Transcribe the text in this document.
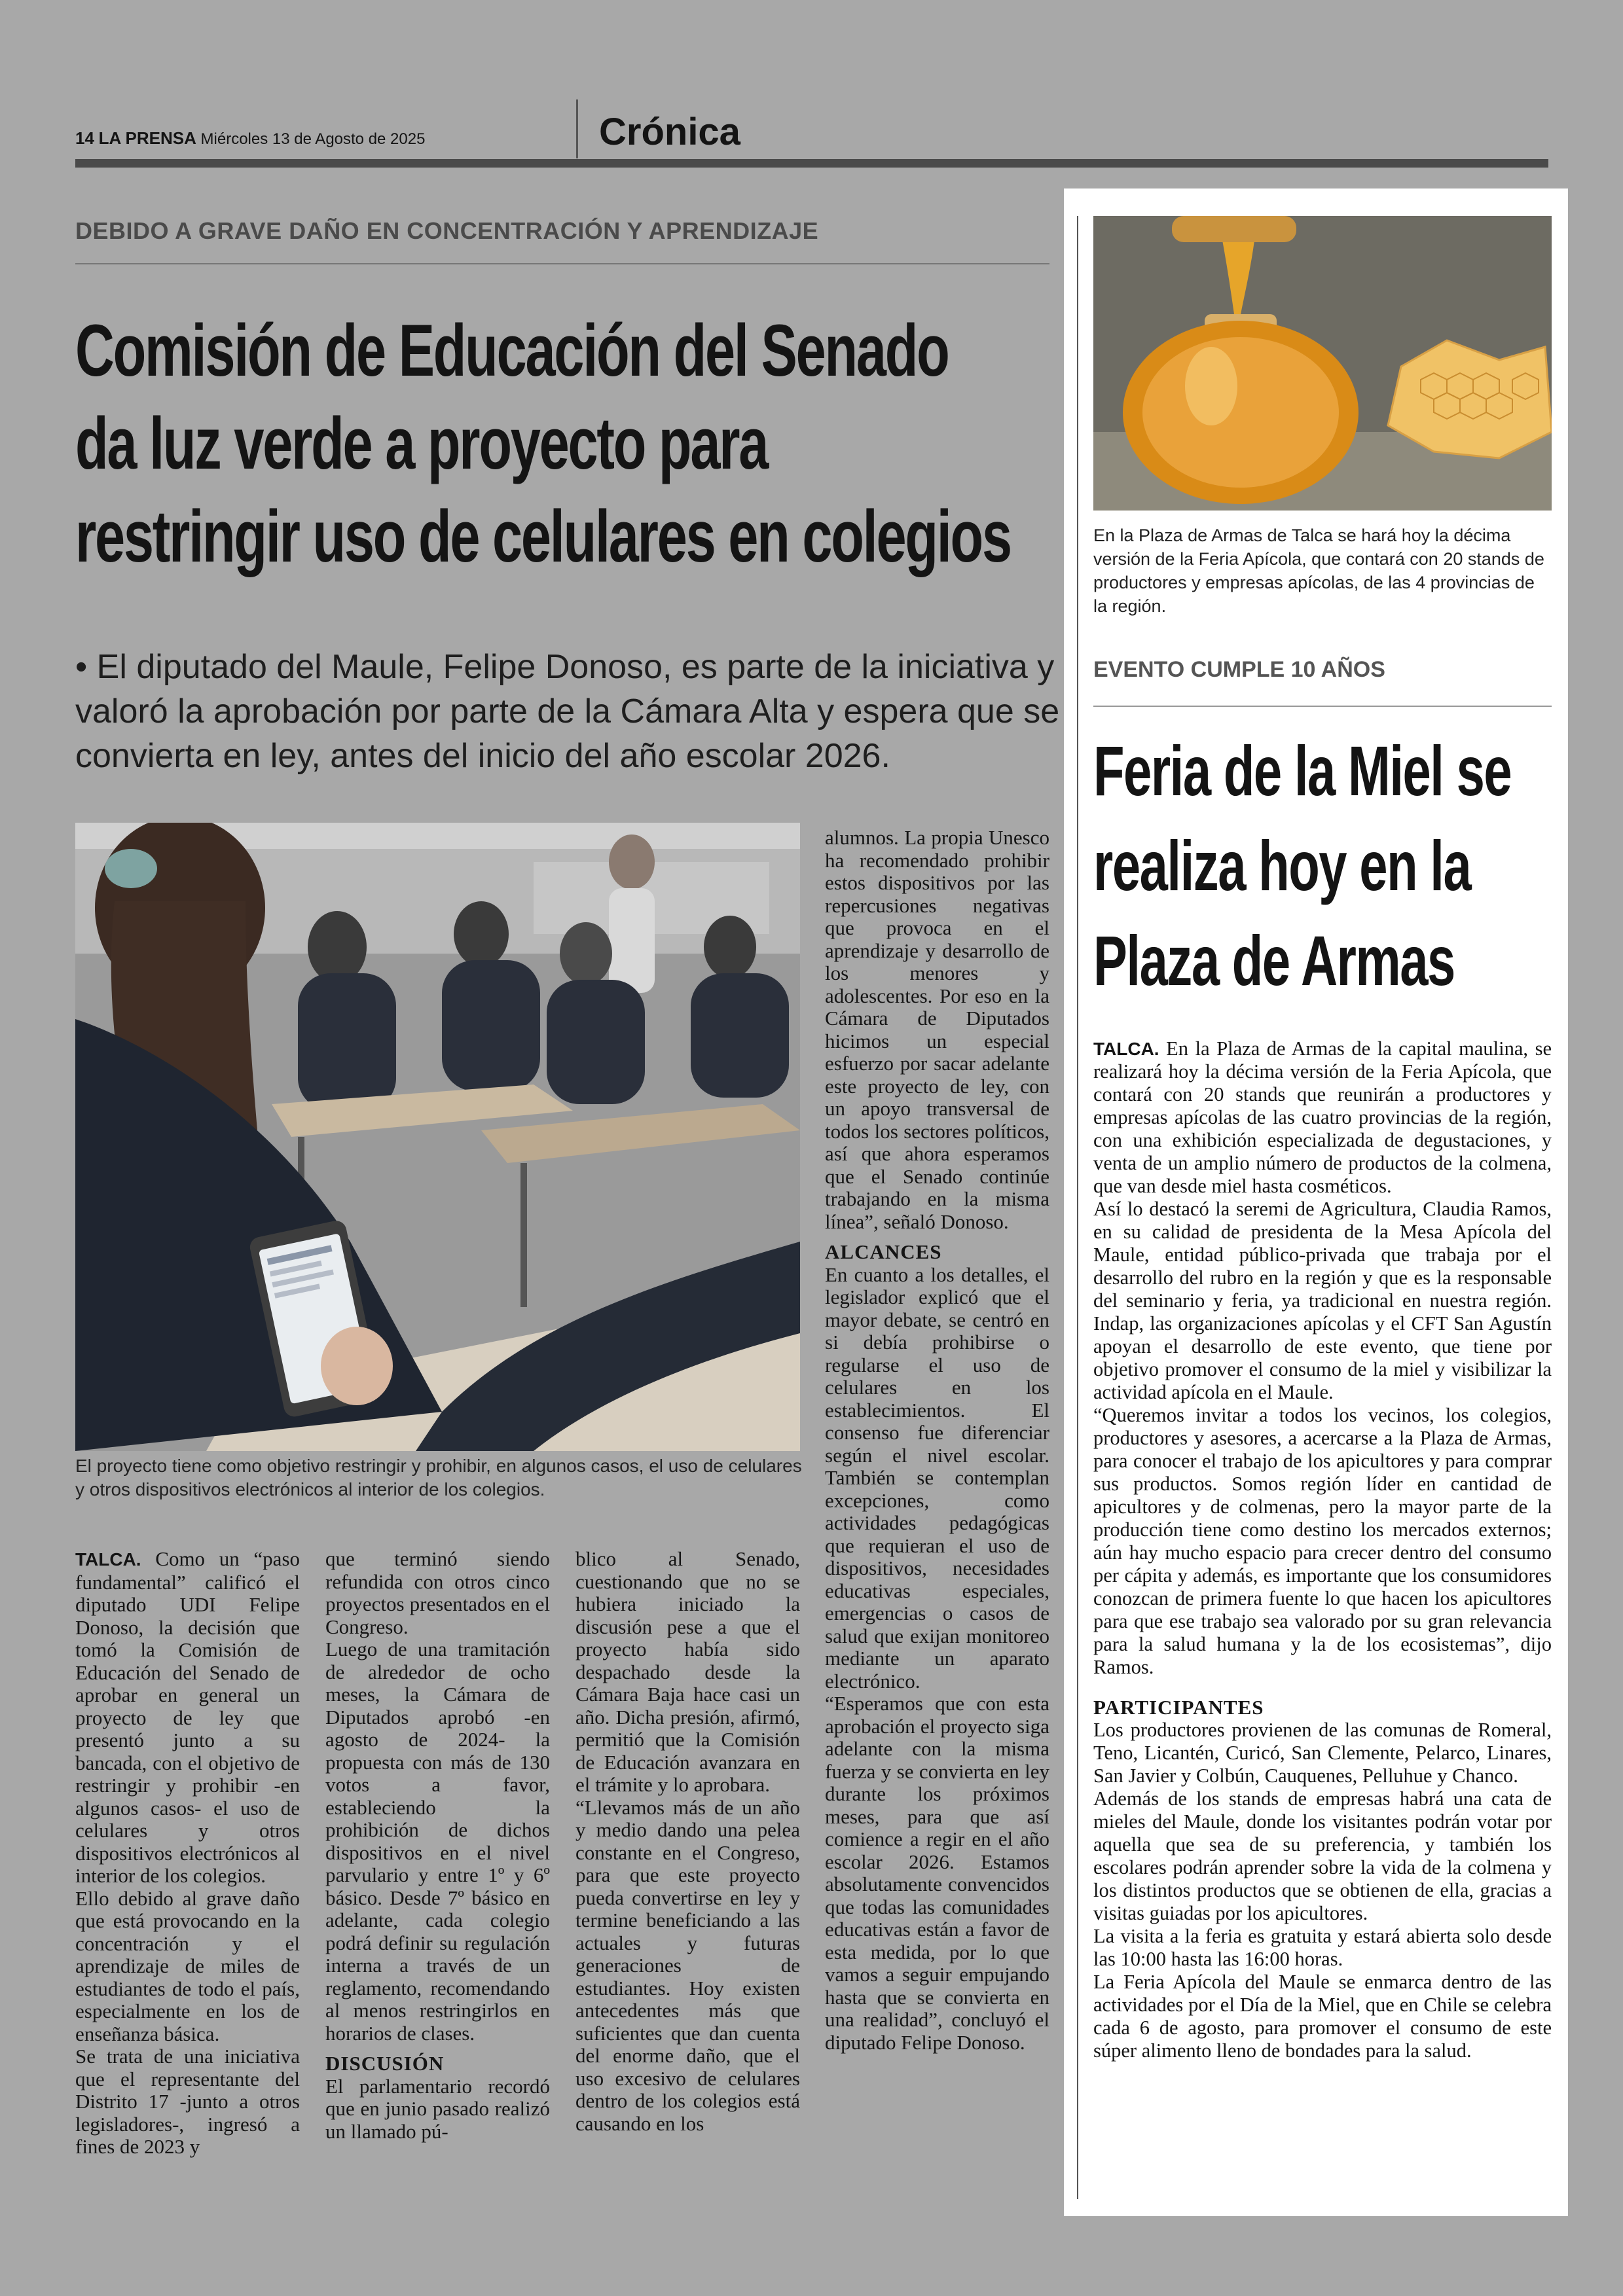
14 LA PRENSA Miércoles 13 de Agosto de 2025	Crónica
DEBIDO A GRAVE DAÑO EN CONCENTRACIÓN Y APRENDIZAJE
Comisión de Educación del Senado
da luz verde a proyecto para
restringir uso de celulares en colegios
• El diputado del Maule, Felipe Donoso, es parte de la iniciativa y valoró la aprobación por parte de la Cámara Alta y espera que se convierta en ley, antes del inicio del año escolar 2026.
El proyecto tiene como objetivo restringir y prohibir, en algunos casos, el uso de celulares y otros dispositivos electrónicos al interior de los colegios.

TALCA. Como un “paso fundamental” calificó el diputado UDI Felipe Donoso, la decisión que tomó la Comisión de Educación del Senado de aprobar en general un proyecto de ley que presentó junto a su bancada, con el objetivo de restringir y prohibir -en algunos casos- el uso de celulares y otros dispositivos electrónicos al interior de los colegios.

Ello debido al grave daño que está provocando en la concentración y el aprendizaje de miles de estudiantes de todo el país, especialmente en los de enseñanza básica.

Se trata de una iniciativa que el representante del Distrito 17 -junto a otros legisladores-, ingresó a fines de 2023 y

que terminó siendo refundida con otros cinco proyectos presentados en el Congreso.

Luego de una tramitación de alrededor de ocho meses, la Cámara de Diputados aprobó -en agosto de 2024- la propuesta con más de 130 votos a favor, estableciendo la prohibición de dichos dispositivos en el nivel parvulario y entre 1º y 6º básico. Desde 7º básico en adelante, cada colegio podrá definir su regulación interna a través de un reglamento, recomendando al menos restringirlos en horarios de clases.

DISCUSIÓN

El parlamentario recordó que en junio pasado realizó un llamado pú-

blico al Senado, cuestionando que no se hubiera iniciado la discusión pese a que el proyecto había sido despachado desde la Cámara Baja hace casi un año. Dicha presión, afirmó, permitió que la Comisión de Educación avanzara en el trámite y lo aprobara.

“Llevamos más de un año y medio dando una pelea constante en el Congreso, para que este proyecto pueda convertirse en ley y termine beneficiando a las actuales y futuras generaciones de estudiantes. Hoy existen antecedentes más que suficientes que dan cuenta del enorme daño, que el uso excesivo de celulares dentro de los colegios está causando en los

alumnos. La propia Unesco ha recomendado prohibir estos dispositivos por las repercusiones negativas que provoca en el aprendizaje y desarrollo de los menores y adolescentes. Por eso en la Cámara de Diputados hicimos un especial esfuerzo por sacar adelante este proyecto de ley, con un apoyo transversal de todos los sectores políticos, así que ahora esperamos que el Senado continúe trabajando en la misma línea”, señaló Donoso.

ALCANCES

En cuanto a los detalles, el legislador explicó que el mayor debate, se centró en si debía prohibirse o regularse el uso de celulares en los establecimientos. El consenso fue diferenciar según el nivel escolar. También se contemplan excepciones, como actividades pedagógicas que requieran el uso de dispositivos, necesidades educativas especiales, emergencias o casos de salud que exijan monitoreo mediante un aparato electrónico.

“Esperamos que con esta aprobación el proyecto siga adelante con la misma fuerza y se convierta en ley durante los próximos meses, para que así comience a regir en el año escolar 2026. Estamos absolutamente convencidos que todas las comunidades educativas están a favor de esta medida, por lo que vamos a seguir empujando hasta que se convierta en una realidad”, concluyó el diputado Felipe Donoso.

En la Plaza de Armas de Talca se hará hoy la décima versión de la Feria Apícola, que contará con 20 stands de productores y empresas apícolas, de las 4 provincias de la región.
EVENTO CUMPLE 10 AÑOS
Feria de la Miel se
realiza hoy en la
Plaza de Armas

TALCA. En la Plaza de Armas de la capital maulina, se realizará hoy la décima versión de la Feria Apícola, que contará con 20 stands que reunirán a productores y empresas apícolas de las cuatro provincias de la región, con una exhibición especializada de degustaciones, y venta de un amplio número de productos de la colmena, que van desde miel hasta cosméticos.

Así lo destacó la seremi de Agricultura, Claudia Ramos, en su calidad de presidenta de la Mesa Apícola del Maule, entidad público-privada que trabaja por el desarrollo del rubro en la región y que es la responsable del seminario y feria, ya tradicional en nuestra región. Indap, las organizaciones apícolas y el CFT San Agustín apoyan el desarrollo de este evento, que tiene por objetivo promover el consumo de la miel y visibilizar la actividad apícola en el Maule.

“Queremos invitar a todos los vecinos, los colegios, productores y asesores, a acercarse a la Plaza de Armas, para conocer el trabajo de los apicultores y para comprar sus productos. Somos región líder en cantidad de apicultores y de colmenas, pero la mayor parte de la producción tiene como destino los mercados externos; aún hay mucho espacio para crecer dentro del consumo per cápita y además, es importante que los consumidores conozcan de primera fuente lo que hacen los apicultores para que ese trabajo sea valorado por su gran relevancia para la salud humana y la de los ecosistemas”, dijo Ramos.

PARTICIPANTES

Los productores provienen de las comunas de Romeral, Teno, Licantén, Curicó, San Clemente, Pelarco, Linares, San Javier y Colbún, Cauquenes, Pelluhue y Chanco.

Además de los stands de empresas habrá una cata de mieles del Maule, donde los visitantes podrán votar por aquella que sea de su preferencia, y también los escolares podrán aprender sobre la vida de la colmena y los distintos productos que se obtienen de ella, gracias a visitas guiadas por los apicultores.

La visita a la feria es gratuita y estará abierta solo desde las 10:00 hasta las 16:00 horas.

La Feria Apícola del Maule se enmarca dentro de las actividades por el Día de la Miel, que en Chile se celebra cada 6 de agosto, para promover el consumo de este súper alimento lleno de bondades para la salud.
